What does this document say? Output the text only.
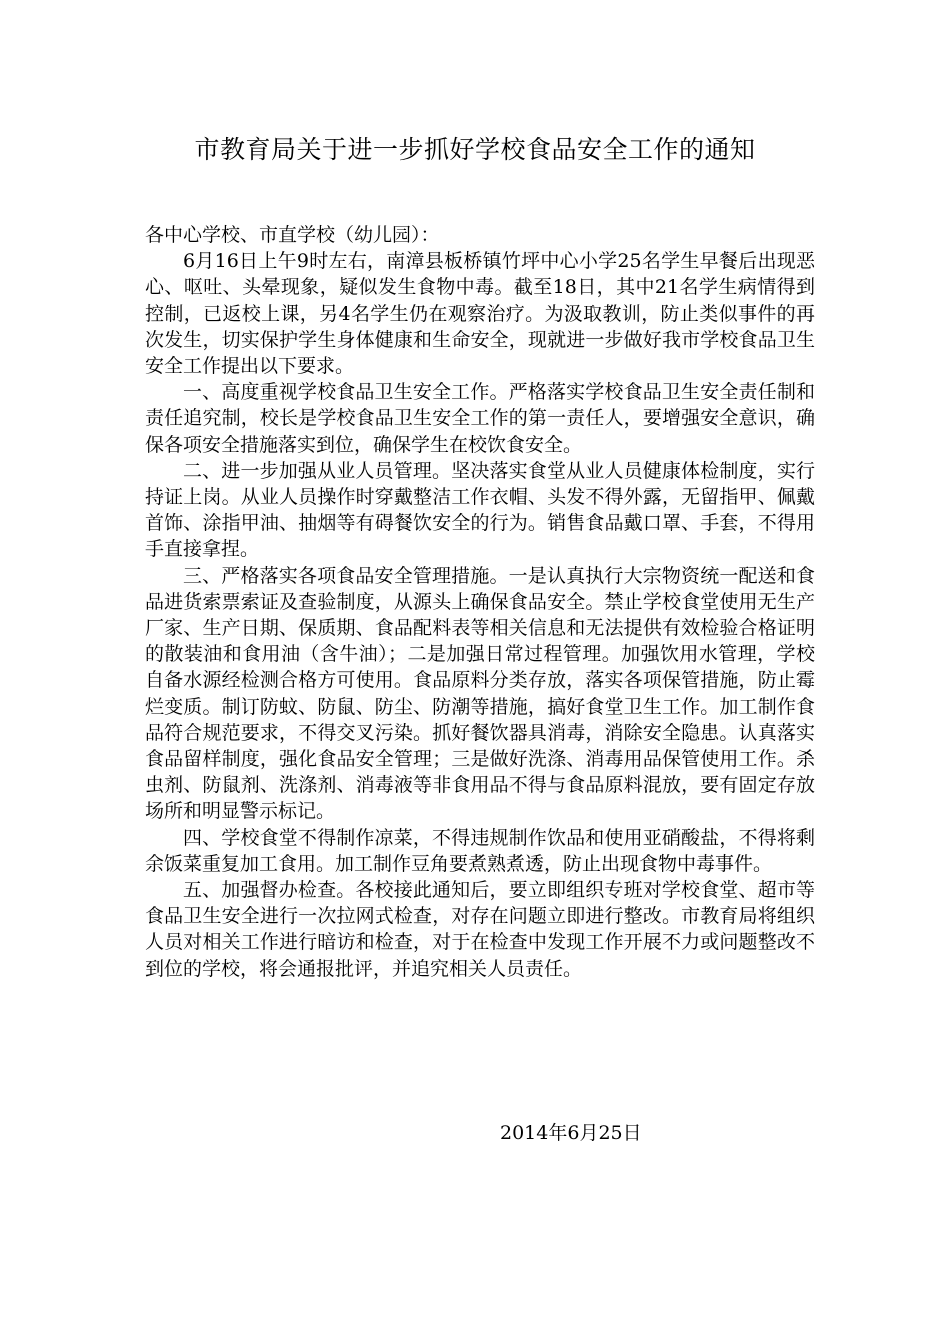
市教育局关于进一步抓好学校食品安全工作的通知

各中心学校、市直学校（幼儿园）：

6月16日上午9时左右，南漳县板桥镇竹坪中心小学25名学生早餐后出现恶心、呕吐、头晕现象，疑似发生食物中毒。截至18日，其中21名学生病情得到控制，已返校上课，另4名学生仍在观察治疗。为汲取教训，防止类似事件的再次发生，切实保护学生身体健康和生命安全，现就进一步做好我市学校食品卫生安全工作提出以下要求。

一、高度重视学校食品卫生安全工作。严格落实学校食品卫生安全责任制和责任追究制，校长是学校食品卫生安全工作的第一责任人，要增强安全意识，确保各项安全措施落实到位，确保学生在校饮食安全。

二、进一步加强从业人员管理。坚决落实食堂从业人员健康体检制度，实行持证上岗。从业人员操作时穿戴整洁工作衣帽、头发不得外露，无留指甲、佩戴首饰、涂指甲油、抽烟等有碍餐饮安全的行为。销售食品戴口罩、手套，不得用手直接拿捏。

三、严格落实各项食品安全管理措施。一是认真执行大宗物资统一配送和食品进货索票索证及查验制度，从源头上确保食品安全。禁止学校食堂使用无生产厂家、生产日期、保质期、食品配料表等相关信息和无法提供有效检验合格证明的散装油和食用油（含牛油）；二是加强日常过程管理。加强饮用水管理，学校自备水源经检测合格方可使用。食品原料分类存放，落实各项保管措施，防止霉烂变质。制订防蚊、防鼠、防尘、防潮等措施，搞好食堂卫生工作。加工制作食品符合规范要求，不得交叉污染。抓好餐饮器具消毒，消除安全隐患。认真落实食品留样制度，强化食品安全管理；三是做好洗涤、消毒用品保管使用工作。杀虫剂、防鼠剂、洗涤剂、消毒液等非食用品不得与食品原料混放，要有固定存放场所和明显警示标记。

四、学校食堂不得制作凉菜，不得违规制作饮品和使用亚硝酸盐，不得将剩余饭菜重复加工食用。加工制作豆角要煮熟煮透，防止出现食物中毒事件。

五、加强督办检查。各校接此通知后，要立即组织专班对学校食堂、超市等食品卫生安全进行一次拉网式检查，对存在问题立即进行整改。市教育局将组织人员对相关工作进行暗访和检查，对于在检查中发现工作开展不力或问题整改不到位的学校，将会通报批评，并追究相关人员责任。

2014年6月25日
